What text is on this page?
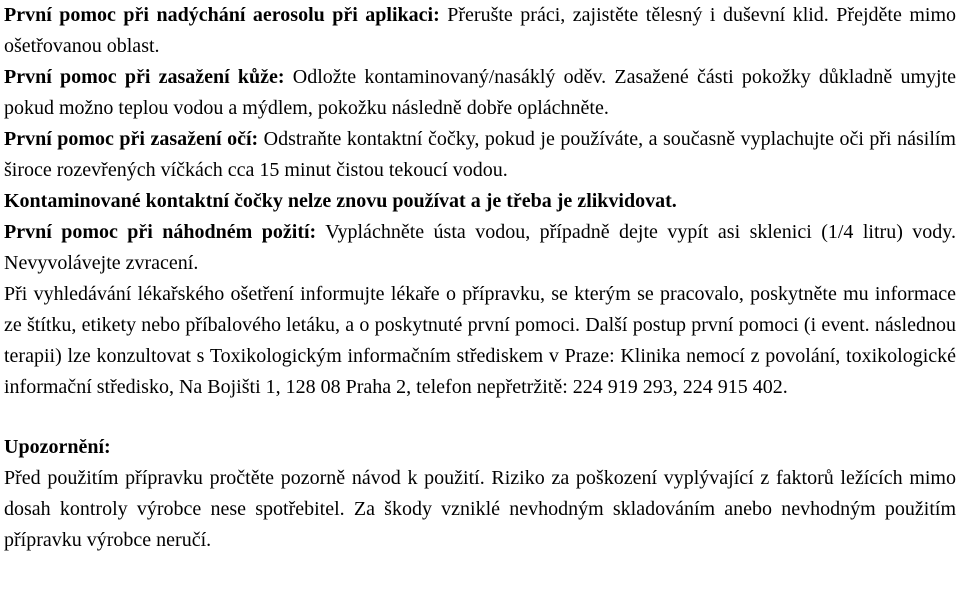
První pomoc při nadýchání aerosolu při aplikaci: Přerušte práci, zajistěte tělesný i duševní klid. Přejděte mimo ošetřovanou oblast.

První pomoc při zasažení kůže: Odložte kontaminovaný/nasáklý oděv. Zasažené části pokožky důkladně umyjte pokud možno teplou vodou a mýdlem, pokožku následně dobře opláchněte.

První pomoc při zasažení očí: Odstraňte kontaktní čočky, pokud je používáte, a současně vyplachujte oči při násilím široce rozevřených víčkách cca 15 minut čistou tekoucí vodou.

Kontaminované kontaktní čočky nelze znovu používat a je třeba je zlikvidovat.

První pomoc při náhodném požití: Vypláchněte ústa vodou, případně dejte vypít asi sklenici (1/4 litru) vody. Nevyvolávejte zvracení.

Při vyhledávání lékařského ošetření informujte lékaře o přípravku, se kterým se pracovalo, poskytněte mu informace ze štítku, etikety nebo příbalového letáku, a o poskytnuté první pomoci. Další postup první pomoci (i event. následnou terapii) lze konzultovat s Toxikologickým informačním střediskem v Praze: Klinika nemocí z povolání, toxikologické informační středisko, Na Bojišti 1, 128 08 Praha 2, telefon nepřetržitě: 224 919 293, 224 915 402.

Upozornění:

Před použitím přípravku pročtěte pozorně návod k použití. Riziko za poškození vyplývající z faktorů ležících mimo dosah kontroly výrobce nese spotřebitel. Za škody vzniklé nevhodným skladováním anebo nevhodným použitím přípravku výrobce neručí.
